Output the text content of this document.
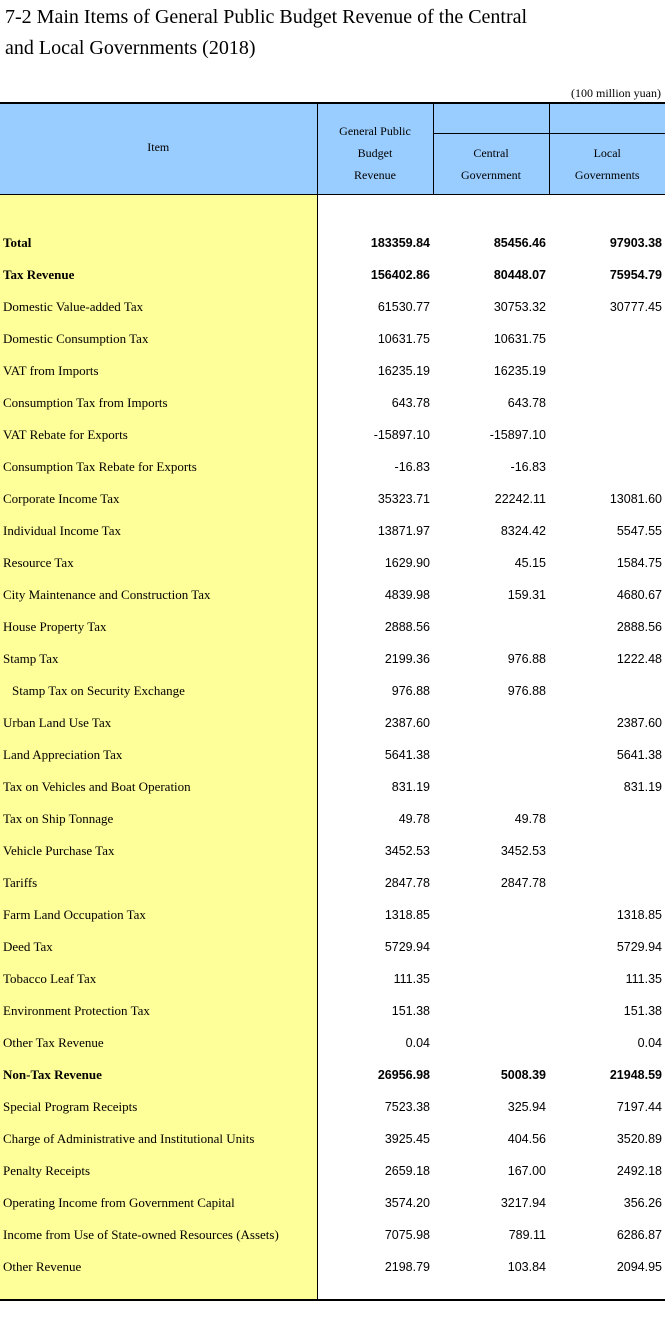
7-2 Main Items of General Public Budget Revenue of the Central
and Local Governments (2018)
(100 million yuan)
Item	General Public
Budget
Revenue	Central
Government	Local
Governments

Total	183359.84	85456.46	97903.38
Tax Revenue	156402.86	80448.07	75954.79
Domestic Value-added Tax	61530.77	30753.32	30777.45
Domestic Consumption Tax	10631.75	10631.75	
VAT from Imports	16235.19	16235.19	
Consumption Tax from Imports	643.78	643.78	
VAT Rebate for Exports	-15897.10	-15897.10	
Consumption Tax Rebate for Exports	-16.83	-16.83	
Corporate Income Tax	35323.71	22242.11	13081.60
Individual Income Tax	13871.97	8324.42	5547.55
Resource Tax	1629.90	45.15	1584.75
City Maintenance and Construction Tax	4839.98	159.31	4680.67
House Property Tax	2888.56		2888.56
Stamp Tax	2199.36	976.88	1222.48
Stamp Tax on Security Exchange	976.88	976.88	
Urban Land Use Tax	2387.60		2387.60
Land Appreciation Tax	5641.38		5641.38
Tax on Vehicles and Boat Operation	831.19		831.19
Tax on Ship Tonnage	49.78	49.78	
Vehicle Purchase Tax	3452.53	3452.53	
Tariffs	2847.78	2847.78	
Farm Land Occupation Tax	1318.85		1318.85
Deed Tax	5729.94		5729.94
Tobacco Leaf Tax	111.35		111.35
Environment Protection Tax	151.38		151.38
Other Tax Revenue	0.04		0.04
Non-Tax Revenue	26956.98	5008.39	21948.59
Special Program Receipts	7523.38	325.94	7197.44
Charge of Administrative and Institutional Units	3925.45	404.56	3520.89
Penalty Receipts	2659.18	167.00	2492.18
Operating Income from Government Capital	3574.20	3217.94	356.26
Income from Use of State-owned Resources (Assets)	7075.98	789.11	6286.87
Other Revenue	2198.79	103.84	2094.95
